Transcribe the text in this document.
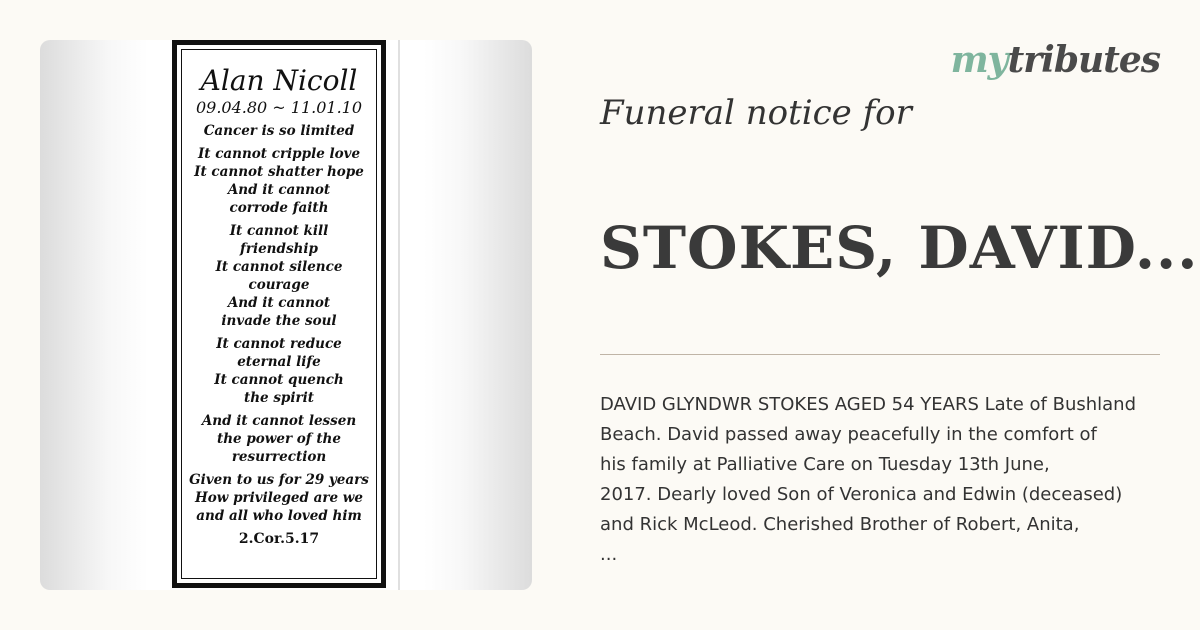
Alan Nicoll

09.04.80 ~ 11.01.10

Cancer is so limited

It cannot cripple love
It cannot shatter hope
And it cannot
corrode faith

It cannot kill
friendship
It cannot silence
courage
And it cannot
invade the soul

It cannot reduce
eternal life
It cannot quench
the spirit

And it cannot lessen
the power of the
resurrection

Given to us for 29 years
How privileged are we
and all who loved him

2.Cor.5.17

mytributes
Funeral notice for
STOKES, DAVID...

DAVID GLYNDWR STOKES AGED 54 YEARS Late of Bushland
Beach. David passed away peacefully in the comfort of
his family at Palliative Care on Tuesday 13th June,
2017. Dearly loved Son of Veronica and Edwin (deceased)
and Rick McLeod. Cherished Brother of Robert, Anita,
...
